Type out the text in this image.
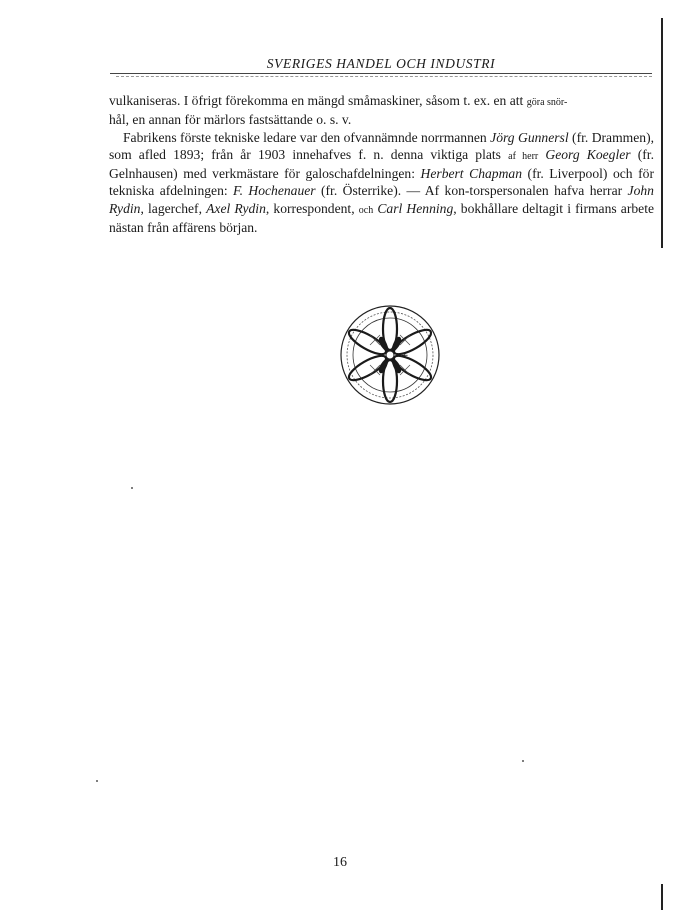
SVERIGES HANDEL OCH INDUSTRI

vulkaniseras. I öfrigt förekomma en mängd småmaskiner, såsom t. ex. en att göra snör-
hål, en annan för märlors fastsättande o. s. v.

Fabrikens förste tekniske ledare var den ofvannämnde norrmannen Jörg Gunnersl (fr. Drammen), som afled 1893; från år 1903 innehafves f. n. denna viktiga plats af herr Georg Koegler (fr. Gelnhausen) med verkmästare för galoschafdelningen: Herbert Chapman (fr. Liverpool) och för tekniska afdelningen: F. Hochenauer (fr. Österrike). — Af kon-torspersonalen hafva herrar John Rydin, lagerchef, Axel Rydin, korrespondent, och Carl Henning, bokhållare deltagit i firmans arbete nästan från affärens början.

+
16
